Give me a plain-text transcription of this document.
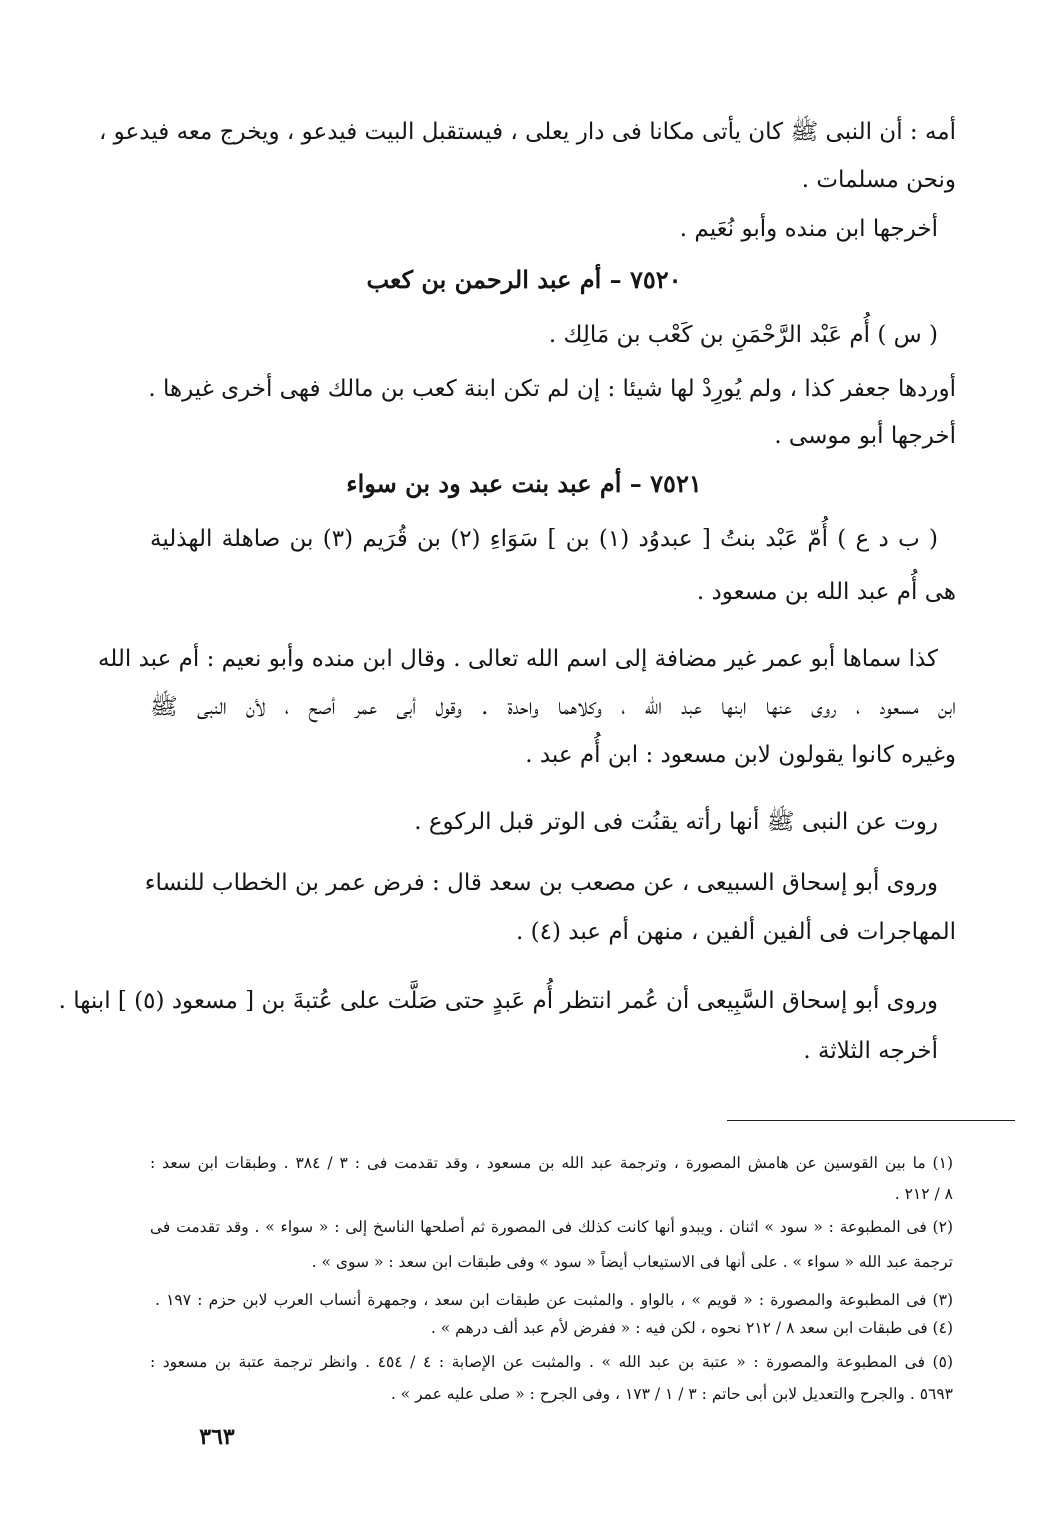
أمه : أن النبى ﷺ كان يأتى مكانا فى دار يعلى ، فيستقبل البيت فيدعو ، ويخرج معه فيدعو ،
ونحن مسلمات .
أخرجها ابن منده وأبو نُعَيم .
٧٥٢٠ – أم عبد الرحمن بن كعب
( س ) أُم عَبْد الرَّحْمَنِ بن كَعْب بن مَالِك .
أوردها جعفر كذا ، ولم يُورِدْ لها شيئا : إن لم تكن ابنة كعب بن مالك فهى أخرى غيرها .
أخرجها أبو موسى .
٧٥٢١ – أم عبد بنت عبد ود بن سواء
( ب د ع ) أُمّ عَبْد بنتُ [ عبدوُد (١) بن ] سَوَاءِ (٢) بن قُرَيم (٣) بن صاهلة الهذلية
هى أُم عبد الله بن مسعود .
كذا سماها أبو عمر غير مضافة إلى اسم الله تعالى . وقال ابن منده وأبو نعيم : أم عبد الله
ابن مسعود ، روى عنها ابنها عبد الله ، وكلاهما واحدة . وقول أبى عمر أصح ، لأن النبى ﷺ
وغيره كانوا يقولون لابن مسعود : ابن أُم عبد .
روت عن النبى ﷺ أنها رأته يقنُت فى الوتر قبل الركوع .
وروى أبو إسحاق السبيعى ، عن مصعب بن سعد قال : فرض عمر بن الخطاب للنساء
المهاجرات فى ألفين ألفين ، منهن أم عبد (٤) .
وروى أبو إسحاق السَّبِيعى أن عُمر انتظر أُم عَبدٍ حتى صَلَّت على عُتبةَ بن [ مسعود (٥) ] ابنها .
أخرجه الثلاثة .
(١) ما بين القوسين عن هامش المصورة ، وترجمة عبد الله بن مسعود ، وقد تقدمت فى : ٣ / ٣٨٤ . وطبقات ابن سعد :
٨ / ٢١٢ .
(٢) فى المطبوعة : « سود » اثنان . ويبدو أنها كانت كذلك فى المصورة ثم أصلحها الناسخ إلى : « سواء » . وقد تقدمت فى
ترجمة عبد الله « سواء » . على أنها فى الاستيعاب أيضاً « سود » وفى طبقات ابن سعد : « سوى » .
(٣) فى المطبوعة والمصورة : « قويم » ، بالواو . والمثبت عن طبقات ابن سعد ، وجمهرة أنساب العرب لابن حزم : ١٩٧ .
(٤) فى طبقات ابن سعد ٨ / ٢١٢ نحوه ، لكن فيه : « ففرض لأم عبد ألف درهم » .
(٥) فى المطبوعة والمصورة : « عتبة بن عبد الله » . والمثبت عن الإصابة : ٤ / ٤٥٤ . وانظر ترجمة عتبة بن مسعود :
٥٦٩٣ . والجرح والتعديل لابن أبى حاتم : ٣ / ١ / ١٧٣ ، وفى الجرح : « صلى عليه عمر » .
٣٦٣
